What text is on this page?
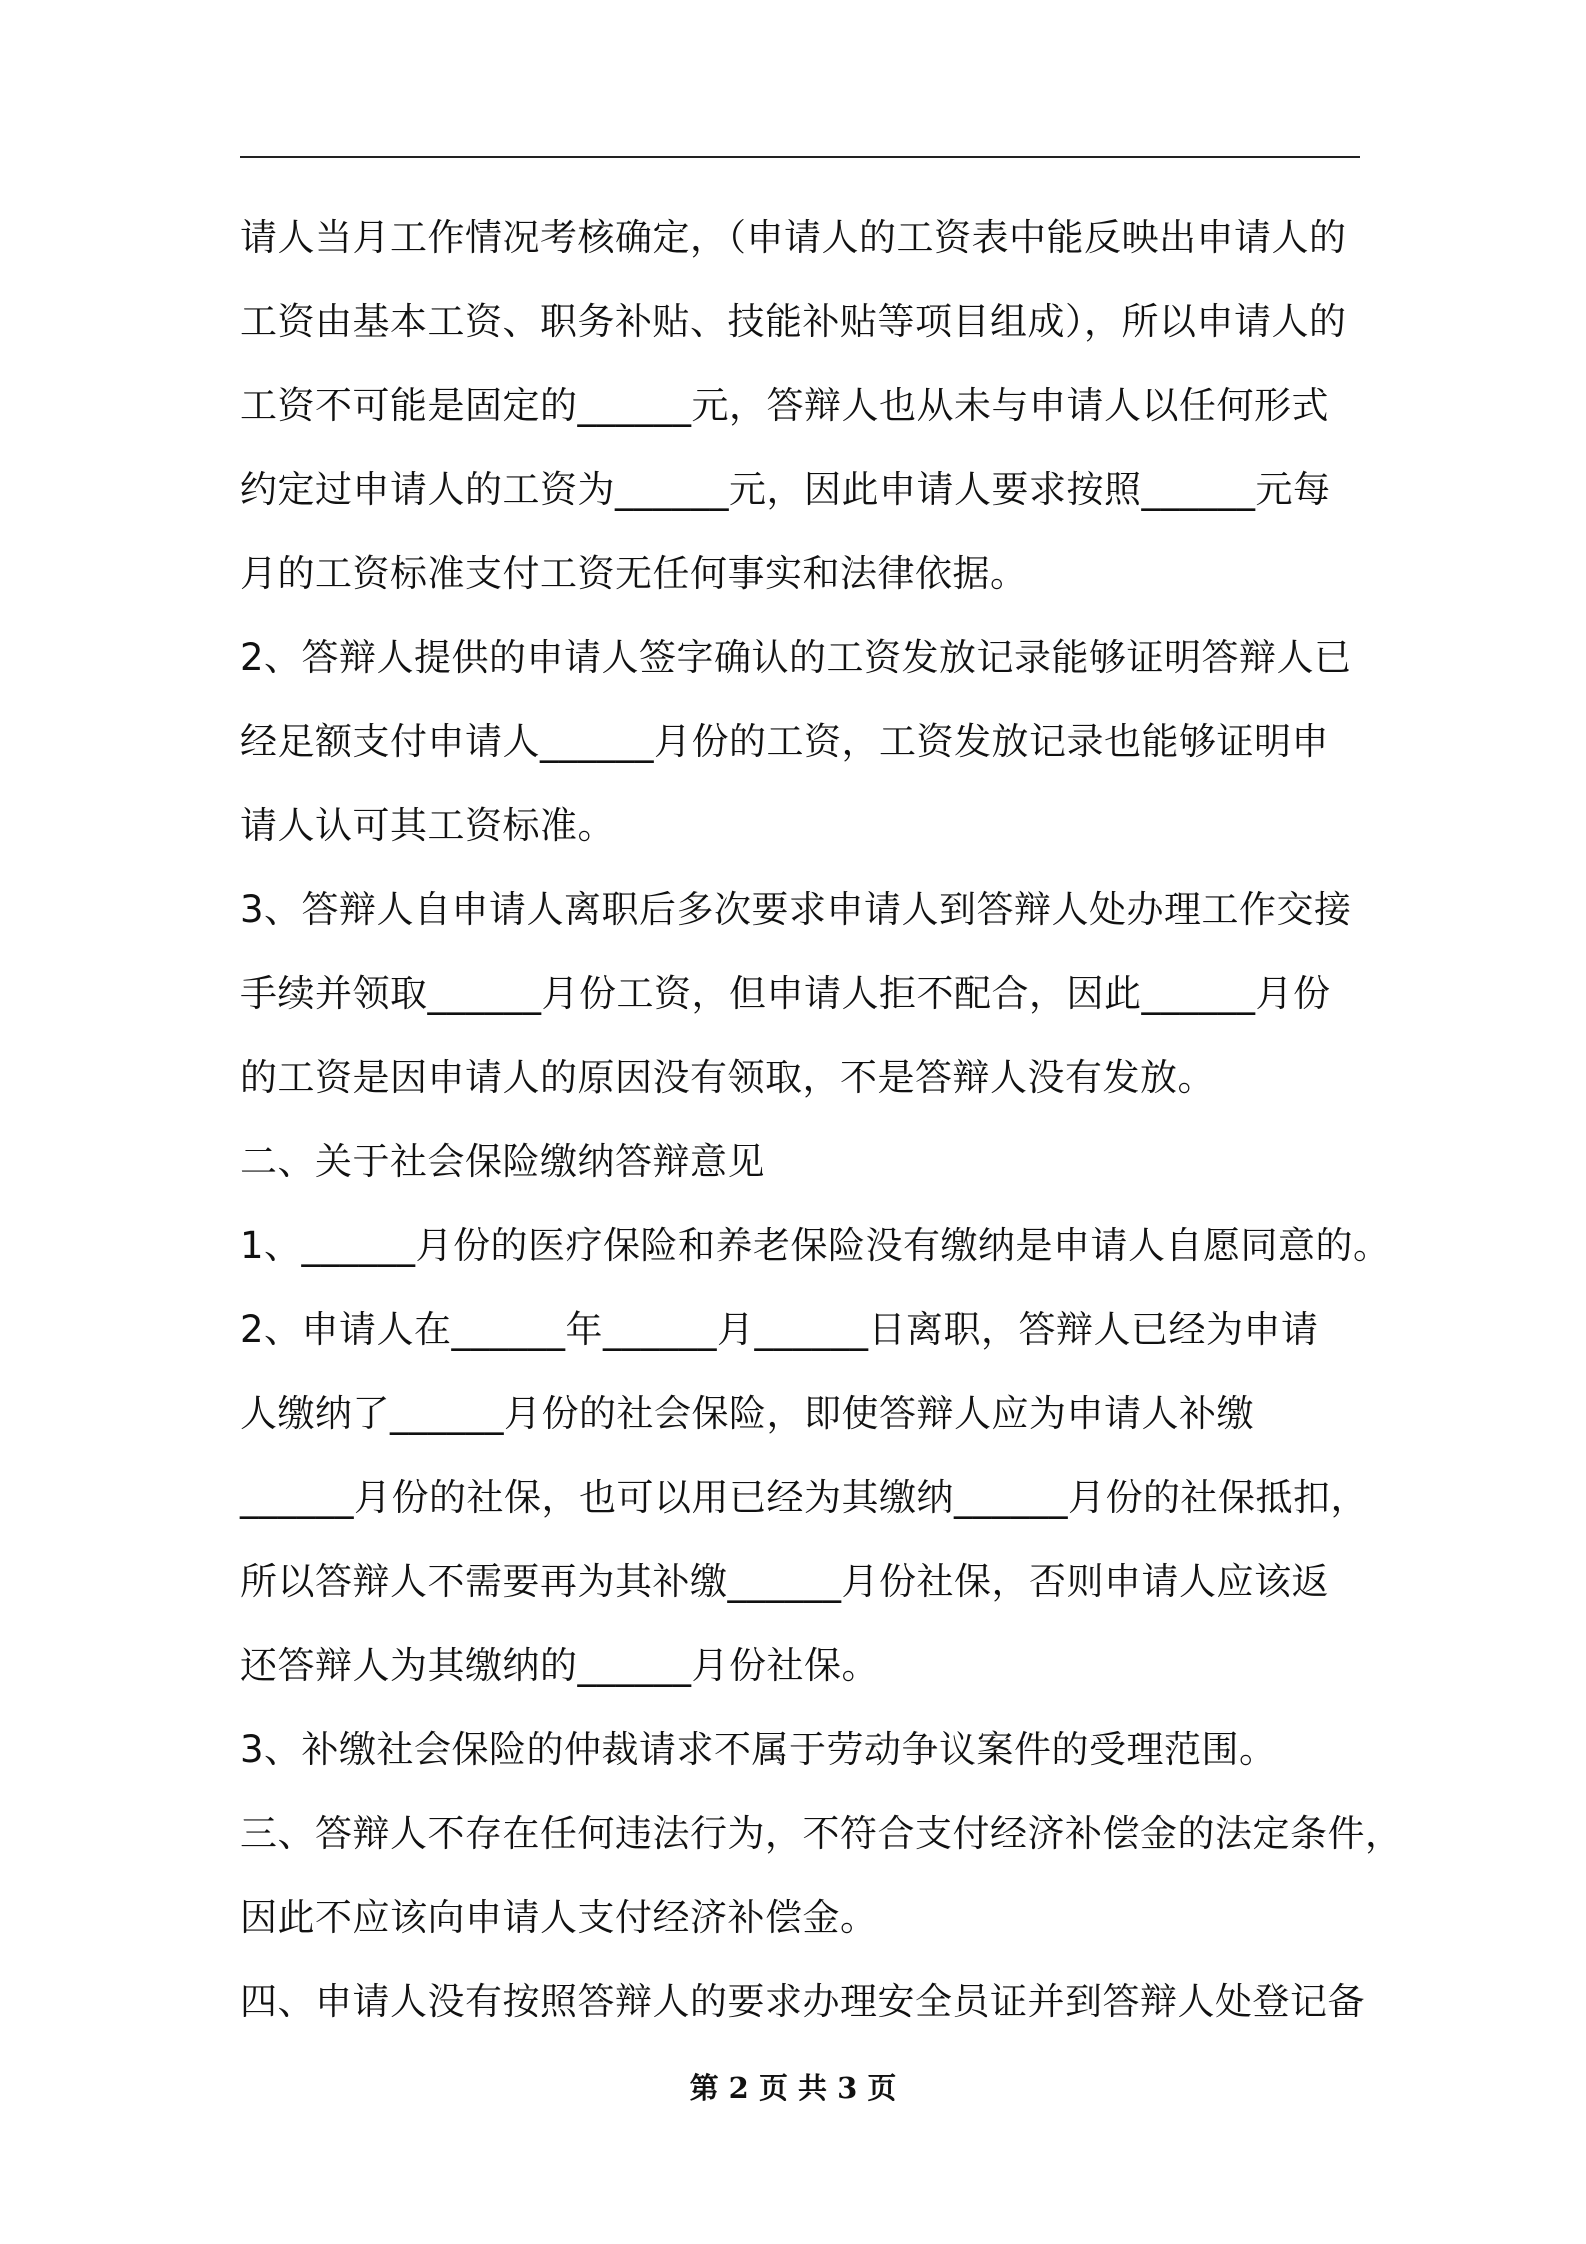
请人当月工作情况考核确定，（申请人的工资表中能反映出申请人的
工资由基本工资、职务补贴、技能补贴等项目组成），所以申请人的
工资不可能是固定的______元，答辩人也从未与申请人以任何形式
约定过申请人的工资为______元，因此申请人要求按照______元每
月的工资标准支付工资无任何事实和法律依据。
2、答辩人提供的申请人签字确认的工资发放记录能够证明答辩人已
经足额支付申请人______月份的工资，工资发放记录也能够证明申
请人认可其工资标准。
3、答辩人自申请人离职后多次要求申请人到答辩人处办理工作交接
手续并领取______月份工资，但申请人拒不配合，因此______月份
的工资是因申请人的原因没有领取，不是答辩人没有发放。
二、关于社会保险缴纳答辩意见
1、______月份的医疗保险和养老保险没有缴纳是申请人自愿同意的。
2、申请人在______年______月______日离职，答辩人已经为申请
人缴纳了______月份的社会保险，即使答辩人应为申请人补缴
______月份的社保，也可以用已经为其缴纳______月份的社保抵扣，
所以答辩人不需要再为其补缴______月份社保，否则申请人应该返
还答辩人为其缴纳的______月份社保。
3、补缴社会保险的仲裁请求不属于劳动争议案件的受理范围。
三、答辩人不存在任何违法行为，不符合支付经济补偿金的法定条件，
因此不应该向申请人支付经济补偿金。
四、申请人没有按照答辩人的要求办理安全员证并到答辩人处登记备
第 2 页 共 3 页
